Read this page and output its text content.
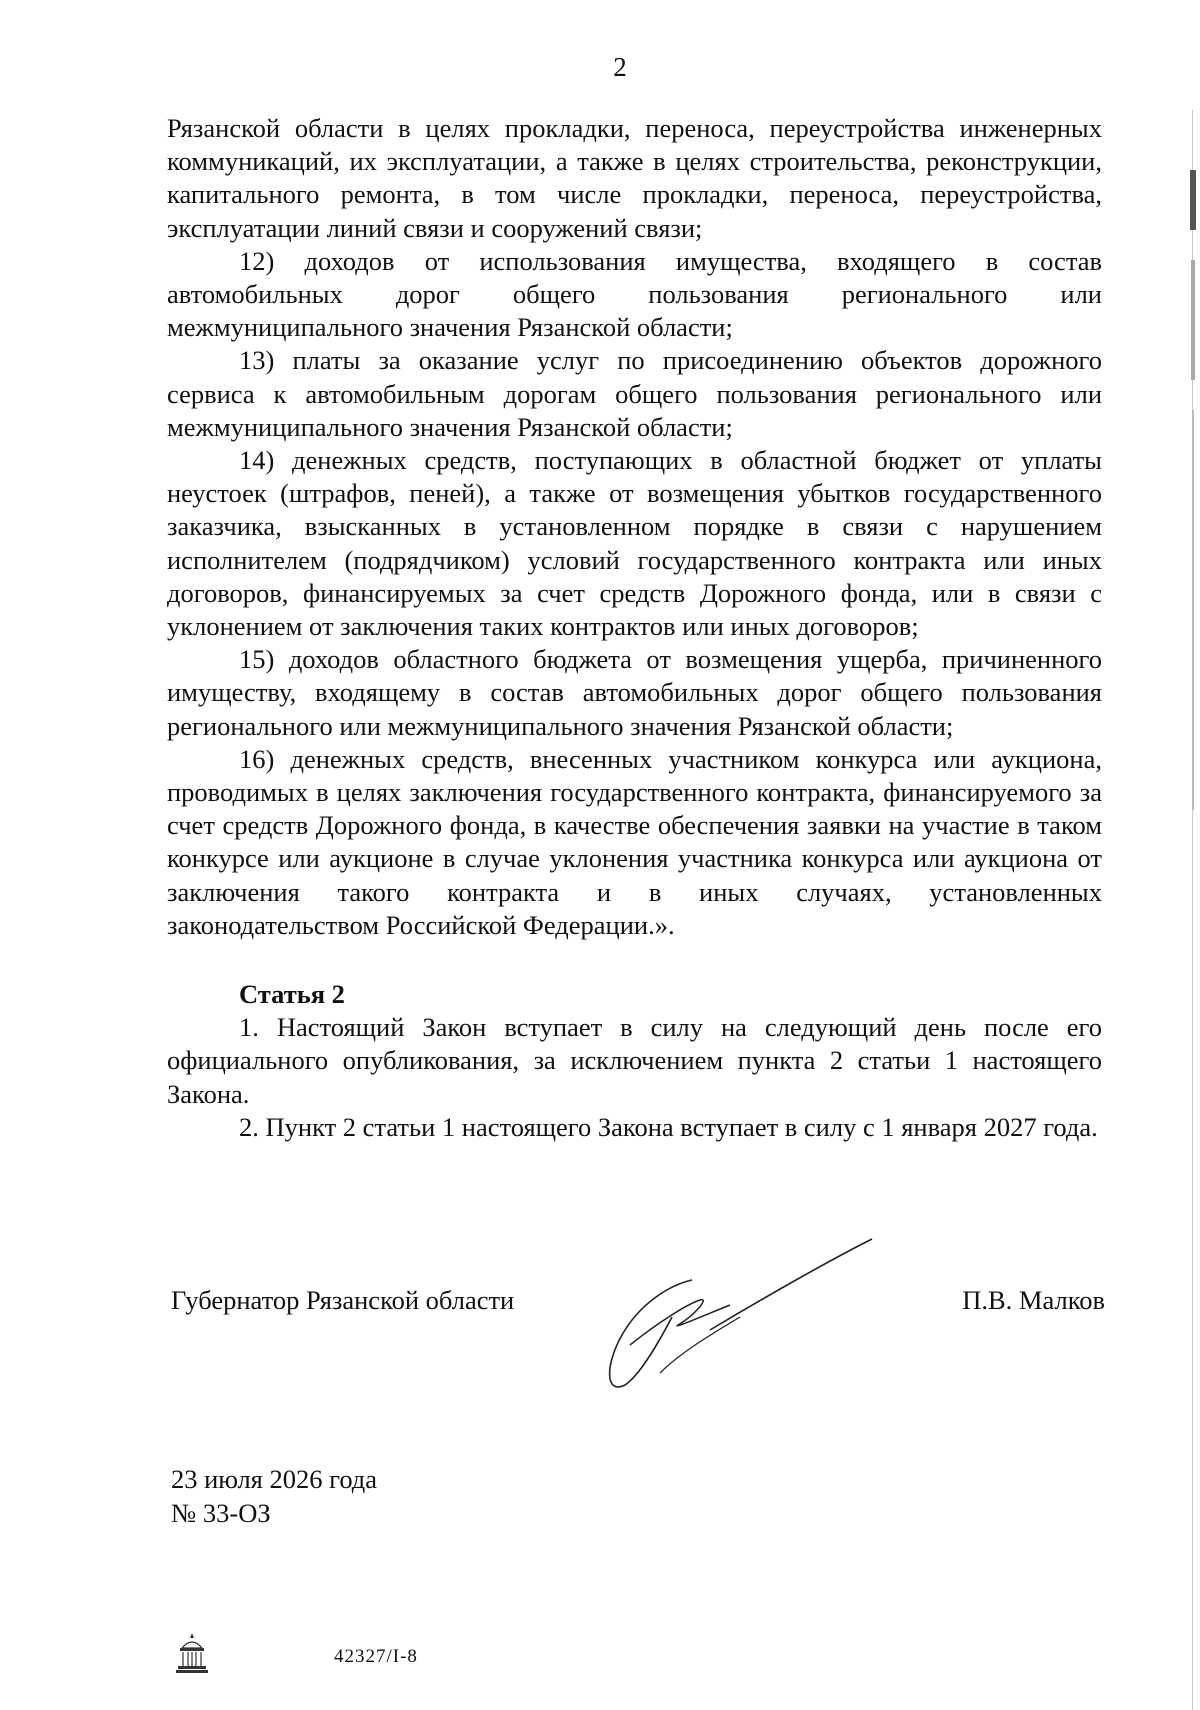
2

Рязанской области в целях прокладки, переноса, переустройства инженерных коммуникаций, их эксплуатации, а также в целях строительства, реконструкции, капитального ремонта, в том числе прокладки, переноса, переустройства, эксплуатации линий связи и сооружений связи;

12) доходов от использования имущества, входящего в состав автомобильных дорог общего пользования регионального или межмуниципального значения Рязанской области;

13) платы за оказание услуг по присоединению объектов дорожного сервиса к автомобильным дорогам общего пользования регионального или межмуниципального значения Рязанской области;

14) денежных средств, поступающих в областной бюджет от уплаты неустоек (штрафов, пеней), а также от возмещения убытков государственного заказчика, взысканных в установленном порядке в связи с нарушением исполнителем (подрядчиком) условий государственного контракта или иных договоров, финансируемых за счет средств Дорожного фонда, или в связи с уклонением от заключения таких контрактов или иных договоров;

15) доходов областного бюджета от возмещения ущерба, причиненного имуществу, входящему в состав автомобильных дорог общего пользования регионального или межмуниципального значения Рязанской области;

16) денежных средств, внесенных участником конкурса или аукциона, проводимых в целях заключения государственного контракта, финансируемого за счет средств Дорожного фонда, в качестве обеспечения заявки на участие в таком конкурсе или аукционе в случае уклонения участника конкурса или аукциона от заключения такого контракта и в иных случаях, установленных законодательством Российской Федерации.».

Статья 2

1. Настоящий Закон вступает в силу на следующий день после его официального опубликования, за исключением пункта 2 статьи 1 настоящего Закона.

2. Пункт 2 статьи 1 настоящего Закона вступает в силу с 1 января 2027 года.

Губернатор Рязанской области	П.В. Малков
23 июля 2026 года
№ 33-ОЗ
42327/I-8
